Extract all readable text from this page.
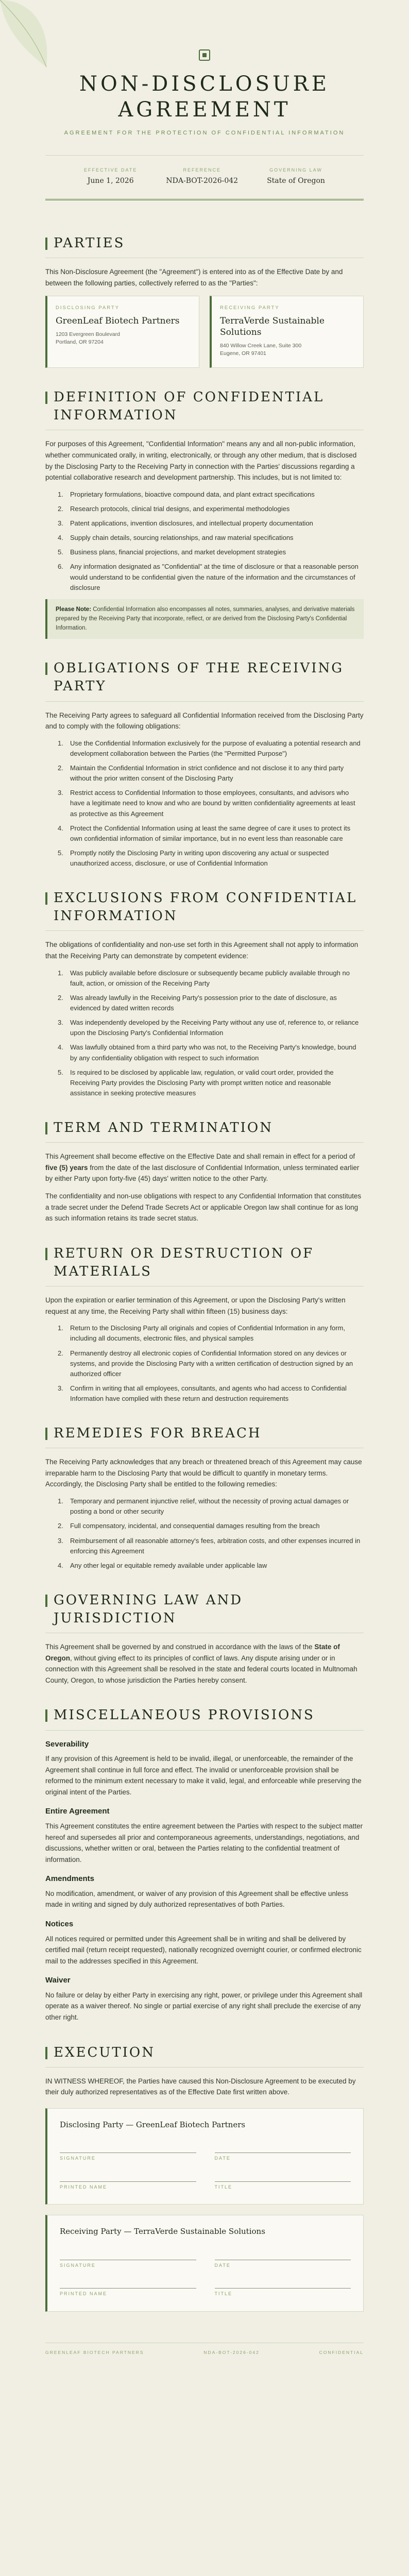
NON-DISCLOSURE AGREEMENT
AGREEMENT FOR THE PROTECTION OF CONFIDENTIAL INFORMATION
EFFECTIVE DATE
June 1, 2026
REFERENCE
NDA-BOT-2026-042
GOVERNING LAW
State of Oregon
PARTIES

This Non-Disclosure Agreement (the "Agreement") is entered into as of the Effective Date by and between the following parties, collectively referred to as the "Parties":

DISCLOSING PARTY
GreenLeaf Biotech Partners
1203 Evergreen Boulevard
Portland, OR 97204
RECEIVING PARTY
TerraVerde Sustainable Solutions
840 Willow Creek Lane, Suite 300
Eugene, OR 97401
DEFINITION OF CONFIDENTIAL INFORMATION

For purposes of this Agreement, "Confidential Information" means any and all non-public information, whether communicated orally, in writing, electronically, or through any other medium, that is disclosed by the Disclosing Party to the Receiving Party in connection with the Parties' discussions regarding a potential collaborative research and development partnership. This includes, but is not limited to:

Proprietary formulations, bioactive compound data, and plant extract specifications
Research protocols, clinical trial designs, and experimental methodologies
Patent applications, invention disclosures, and intellectual property documentation
Supply chain details, sourcing relationships, and raw material specifications
Business plans, financial projections, and market development strategies
Any information designated as "Confidential" at the time of disclosure or that a reasonable person would understand to be confidential given the nature of the information and the circumstances of disclosure
Please Note: Confidential Information also encompasses all notes, summaries, analyses, and derivative materials prepared by the Receiving Party that incorporate, reflect, or are derived from the Disclosing Party's Confidential Information.
OBLIGATIONS OF THE RECEIVING PARTY

The Receiving Party agrees to safeguard all Confidential Information received from the Disclosing Party and to comply with the following obligations:

Use the Confidential Information exclusively for the purpose of evaluating a potential research and development collaboration between the Parties (the "Permitted Purpose")
Maintain the Confidential Information in strict confidence and not disclose it to any third party without the prior written consent of the Disclosing Party
Restrict access to Confidential Information to those employees, consultants, and advisors who have a legitimate need to know and who are bound by written confidentiality agreements at least as protective as this Agreement
Protect the Confidential Information using at least the same degree of care it uses to protect its own confidential information of similar importance, but in no event less than reasonable care
Promptly notify the Disclosing Party in writing upon discovering any actual or suspected unauthorized access, disclosure, or use of Confidential Information
EXCLUSIONS FROM CONFIDENTIAL INFORMATION

The obligations of confidentiality and non-use set forth in this Agreement shall not apply to information that the Receiving Party can demonstrate by competent evidence:

Was publicly available before disclosure or subsequently became publicly available through no fault, action, or omission of the Receiving Party
Was already lawfully in the Receiving Party's possession prior to the date of disclosure, as evidenced by dated written records
Was independently developed by the Receiving Party without any use of, reference to, or reliance upon the Disclosing Party's Confidential Information
Was lawfully obtained from a third party who was not, to the Receiving Party's knowledge, bound by any confidentiality obligation with respect to such information
Is required to be disclosed by applicable law, regulation, or valid court order, provided the Receiving Party provides the Disclosing Party with prompt written notice and reasonable assistance in seeking protective measures
TERM AND TERMINATION

This Agreement shall become effective on the Effective Date and shall remain in effect for a period of five (5) years from the date of the last disclosure of Confidential Information, unless terminated earlier by either Party upon forty-five (45) days' written notice to the other Party.

The confidentiality and non-use obligations with respect to any Confidential Information that constitutes a trade secret under the Defend Trade Secrets Act or applicable Oregon law shall continue for as long as such information retains its trade secret status.

RETURN OR DESTRUCTION OF MATERIALS

Upon the expiration or earlier termination of this Agreement, or upon the Disclosing Party's written request at any time, the Receiving Party shall within fifteen (15) business days:

Return to the Disclosing Party all originals and copies of Confidential Information in any form, including all documents, electronic files, and physical samples
Permanently destroy all electronic copies of Confidential Information stored on any devices or systems, and provide the Disclosing Party with a written certification of destruction signed by an authorized officer
Confirm in writing that all employees, consultants, and agents who had access to Confidential Information have complied with these return and destruction requirements
REMEDIES FOR BREACH

The Receiving Party acknowledges that any breach or threatened breach of this Agreement may cause irreparable harm to the Disclosing Party that would be difficult to quantify in monetary terms. Accordingly, the Disclosing Party shall be entitled to the following remedies:

Temporary and permanent injunctive relief, without the necessity of proving actual damages or posting a bond or other security
Full compensatory, incidental, and consequential damages resulting from the breach
Reimbursement of all reasonable attorney's fees, arbitration costs, and other expenses incurred in enforcing this Agreement
Any other legal or equitable remedy available under applicable law
GOVERNING LAW AND JURISDICTION

This Agreement shall be governed by and construed in accordance with the laws of the State of Oregon, without giving effect to its principles of conflict of laws. Any dispute arising under or in connection with this Agreement shall be resolved in the state and federal courts located in Multnomah County, Oregon, to whose jurisdiction the Parties hereby consent.

MISCELLANEOUS PROVISIONS
Severability

If any provision of this Agreement is held to be invalid, illegal, or unenforceable, the remainder of the Agreement shall continue in full force and effect. The invalid or unenforceable provision shall be reformed to the minimum extent necessary to make it valid, legal, and enforceable while preserving the original intent of the Parties.

Entire Agreement

This Agreement constitutes the entire agreement between the Parties with respect to the subject matter hereof and supersedes all prior and contemporaneous agreements, understandings, negotiations, and discussions, whether written or oral, between the Parties relating to the confidential treatment of information.

Amendments

No modification, amendment, or waiver of any provision of this Agreement shall be effective unless made in writing and signed by duly authorized representatives of both Parties.

Notices

All notices required or permitted under this Agreement shall be in writing and shall be delivered by certified mail (return receipt requested), nationally recognized overnight courier, or confirmed electronic mail to the addresses specified in this Agreement.

Waiver

No failure or delay by either Party in exercising any right, power, or privilege under this Agreement shall operate as a waiver thereof. No single or partial exercise of any right shall preclude the exercise of any other right.

EXECUTION

IN WITNESS WHEREOF, the Parties have caused this Non-Disclosure Agreement to be executed by their duly authorized representatives as of the Effective Date first written above.

Disclosing Party — GreenLeaf Biotech Partners
SIGNATURE	DATE
PRINTED NAME	TITLE
Receiving Party — TerraVerde Sustainable Solutions
SIGNATURE	DATE
PRINTED NAME	TITLE
GREENLEAF BIOTECH PARTNERS	NDA-BOT-2026-042	CONFIDENTIAL
